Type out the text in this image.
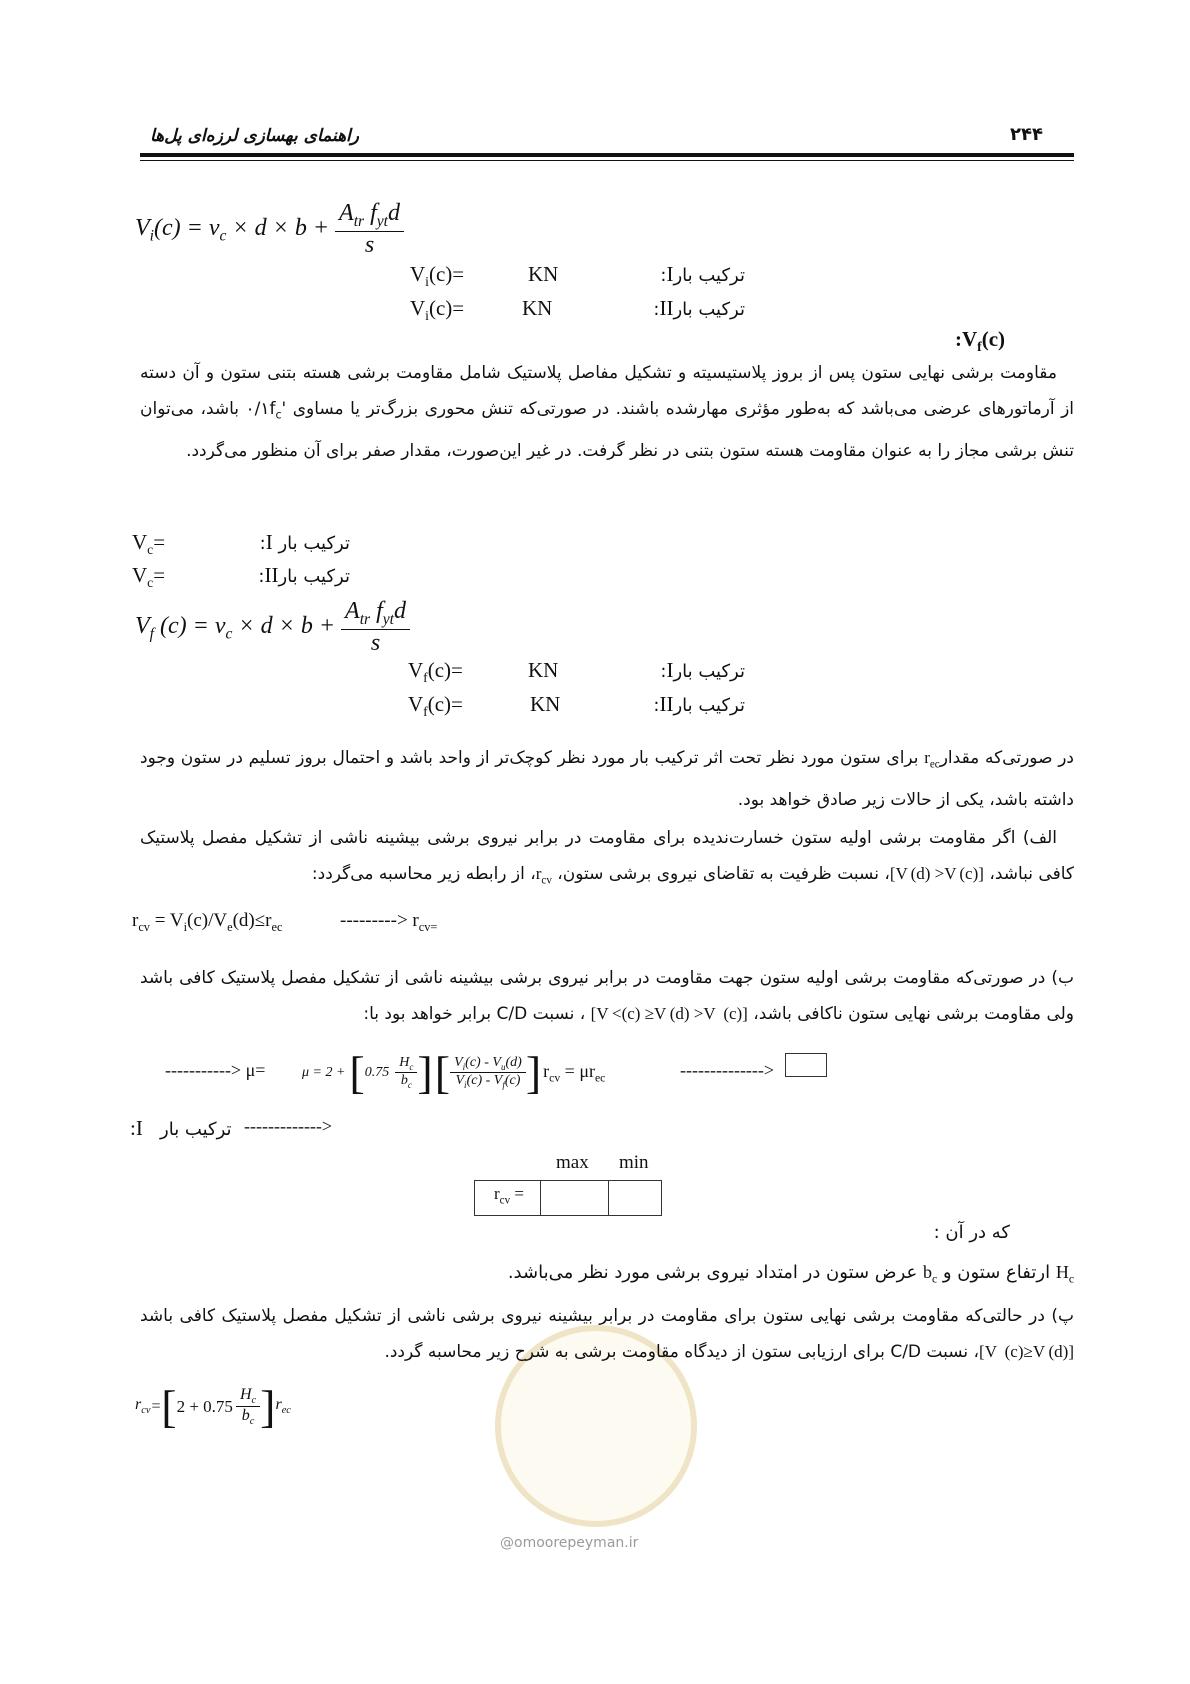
راهنمای بهسازی لرزه‌ای پل‌ها	۲۴۴
$V_i(c) = v_c \times d \times b + \frac{A_{tr} f_{yt}d}{s}$
$V_i(c)=$	KN	ترکیب بارI:
$V_i(c)=$	KN	ترکیب بارII:
$:V_f(c)$
 مقاومت برشی نهایی ستون پس از بروز پلاستیسیته و تشکیل مفاصل پلاستیک شامل مقاومت برشی هسته بتنی ستون و آن دسته از آرماتورهای عرضی می‌باشد که به‌طور مؤثری مهارشده باشند. در صورتی‌که تنش محوری بزرگ‌تر یا مساوی $۰/۱f_c'$ باشد، می‌توان تنش برشی مجاز را به عنوان مقاومت هسته ستون بتنی در نظر گرفت. در غیر این‌صورت، مقدار صفر برای آن منظور می‌گردد.
$V_c=$	ترکیب بار I:
$V_c=$	ترکیب بارII:
$V_f$ $(c) = v_c \times d \times b + \frac{A_{tr} f_{yt}d}{s}$
$V_f(c)=$	KN	ترکیب بارI:
$V_f(c)=$	KN	ترکیب بارII:
در صورتی‌که مقدارr$_{ec}$ برای ستون مورد نظر تحت اثر ترکیب بار مورد نظر کوچک‌تر از واحد باشد و احتمال بروز تسلیم در ستون وجود داشته باشد، یکی از حالات زیر صادق خواهد بود.
 الف) اگر مقاومت برشی اولیه ستون خسارت‌ندیده برای مقاومت در برابر نیروی برشی بیشینه ناشی از تشکیل مفصل پلاستیک کافی نباشد، [V (d) >V (c)]، نسبت ظرفیت به تقاضای نیروی برشی ستون، $r_{cv}،$ از رابطه زیر محاسبه می‌گردد:
$r_{cv} = V_i(c)/V_e(d)\le r_{ec}$	---------> $r_{cv=}$
ب) در صورتی‌که مقاومت برشی اولیه ستون جهت مقاومت در برابر نیروی برشی بیشینه ناشی از تشکیل مفصل پلاستیک کافی باشد ولی مقاومت برشی نهایی ستون ناکافی باشد، [V <(c) ≥V (d) >V  (c)] ، نسبت C/D برابر خواهد بود با:
-----------> μ=	μ = 2 + [ $0.75 \frac{H_c}{b_c}$ ] [ $\frac{V_i(c) - V_u(d)}{V_i(c) - V_f(c)}$ ] $r_{cv} = \mu r_{ec}$	-------------->
ترکیب بار   I:	------------->
max min
$r_{cv}$ =
@omoorepeyman.ir
که در آن :
$H_c$ ارتفاع ستون و $b_c$ عرض ستون در امتداد نیروی برشی مورد نظر می‌باشد.
پ) در حالتی‌که مقاومت برشی نهایی ستون برای مقاومت در برابر بیشینه نیروی برشی ناشی از تشکیل مفصل پلاستیک کافی باشد [V  (c)≥V (d)]، نسبت C/D برای ارزیابی ستون از دیدگاه مقاومت برشی به شرح زیر محاسبه گردد.
$r_{cv}$ = [ $2 + 0.75 \frac{H_c}{b_c}$ ] $r_{ec}$
